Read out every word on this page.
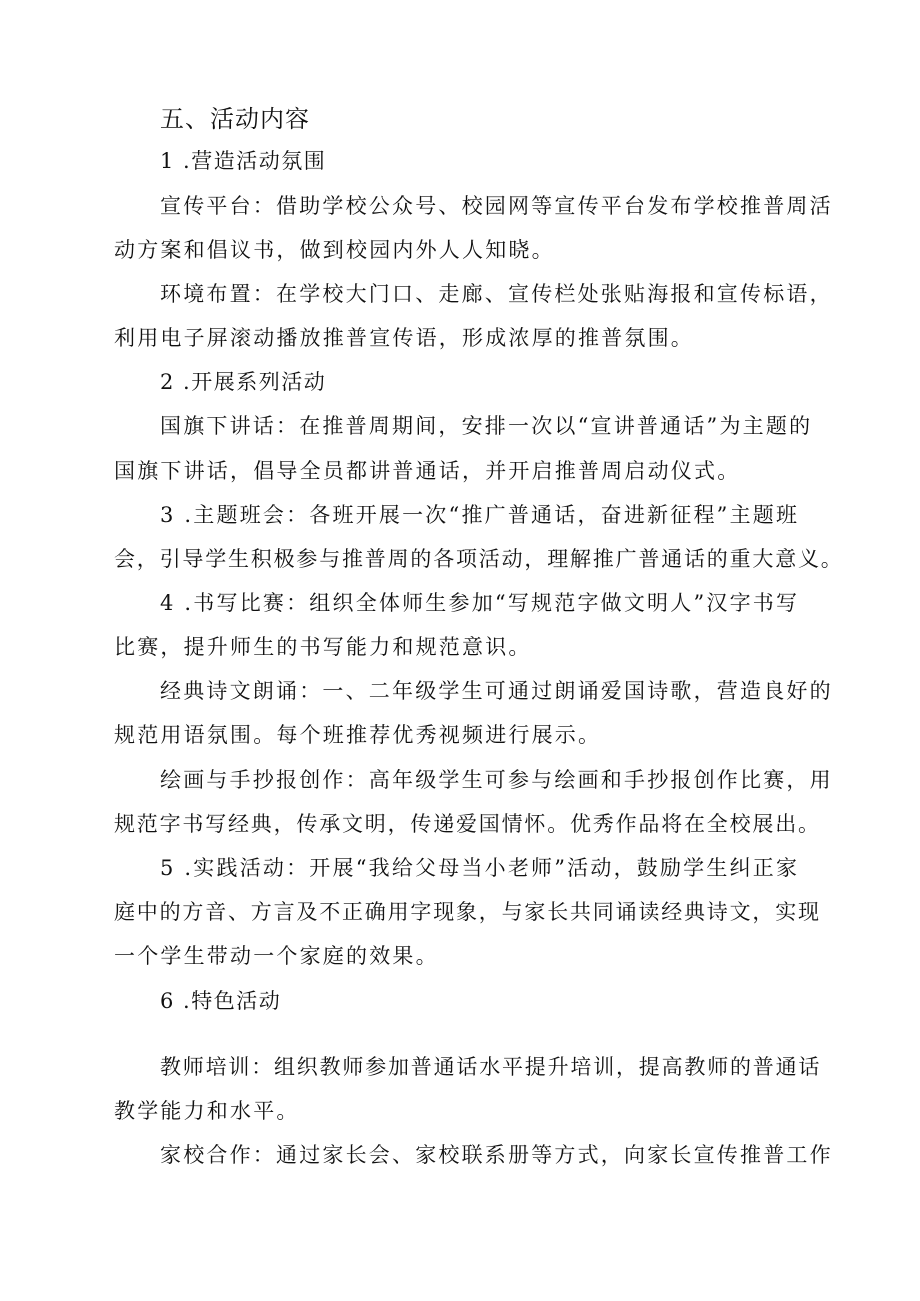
五、活动内容
1 .营造活动氛围
宣传平台：借助学校公众号、校园网等宣传平台发布学校推普周活
动方案和倡议书，做到校园内外人人知晓。
环境布置：在学校大门口、走廊、宣传栏处张贴海报和宣传标语，
利用电子屏滚动播放推普宣传语，形成浓厚的推普氛围。
2 .开展系列活动
国旗下讲话：在推普周期间，安排一次以“宣讲普通话”为主题的
国旗下讲话，倡导全员都讲普通话，并开启推普周启动仪式。
3 .主题班会：各班开展一次“推广普通话，奋进新征程”主题班
会，引导学生积极参与推普周的各项活动，理解推广普通话的重大意义。
4 .书写比赛：组织全体师生参加“写规范字做文明人”汉字书写
比赛，提升师生的书写能力和规范意识。
经典诗文朗诵：一、二年级学生可通过朗诵爱国诗歌，营造良好的
规范用语氛围。每个班推荐优秀视频进行展示。
绘画与手抄报创作：高年级学生可参与绘画和手抄报创作比赛，用
规范字书写经典，传承文明，传递爱国情怀。优秀作品将在全校展出。
5 .实践活动：开展“我给父母当小老师”活动，鼓励学生纠正家
庭中的方音、方言及不正确用字现象，与家长共同诵读经典诗文，实现
一个学生带动一个家庭的效果。
6 .特色活动
教师培训：组织教师参加普通话水平提升培训，提高教师的普通话
教学能力和水平。
家校合作：通过家长会、家校联系册等方式，向家长宣传推普工作
